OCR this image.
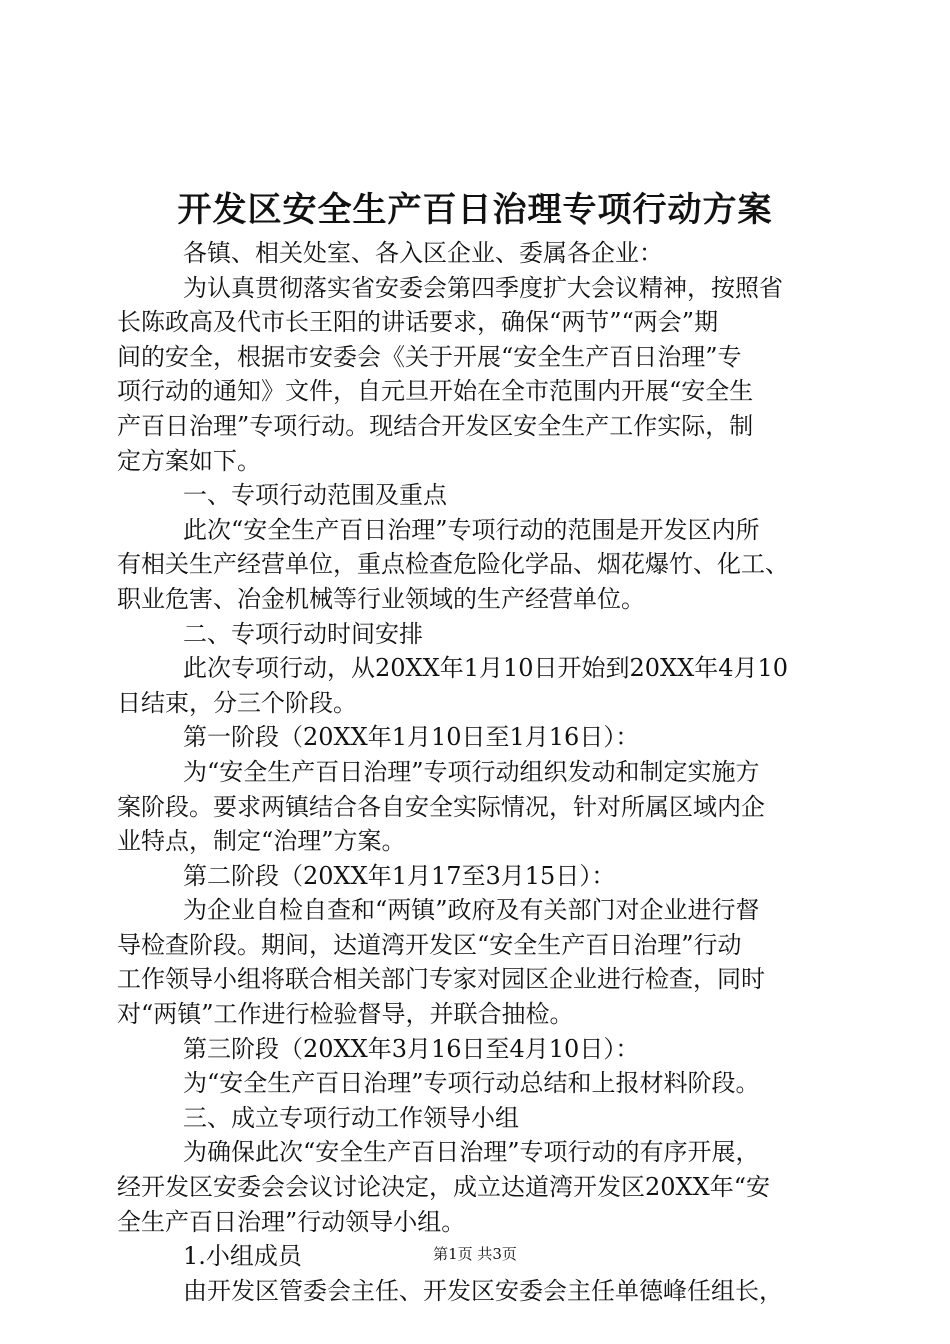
开发区安全生产百日治理专项行动方案
各镇、相关处室、各入区企业、委属各企业：
为认真贯彻落实省安委会第四季度扩大会议精神，按照省
长陈政高及代市长王阳的讲话要求，确保“两节”“两会”期
间的安全，根据市安委会《关于开展“安全生产百日治理”专
项行动的通知》文件，自元旦开始在全市范围内开展“安全生
产百日治理”专项行动。现结合开发区安全生产工作实际，制
定方案如下。
一、专项行动范围及重点
此次“安全生产百日治理”专项行动的范围是开发区内所
有相关生产经营单位，重点检查危险化学品、烟花爆竹、化工、
职业危害、冶金机械等行业领域的生产经营单位。
二、专项行动时间安排
此次专项行动，从20XX年1月10日开始到20XX年4月10
日结束，分三个阶段。
第一阶段（20XX年1月10日至1月16日）：
为“安全生产百日治理”专项行动组织发动和制定实施方
案阶段。要求两镇结合各自安全实际情况，针对所属区域内企
业特点，制定“治理”方案。
第二阶段（20XX年1月17至3月15日）：
为企业自检自查和“两镇”政府及有关部门对企业进行督
导检查阶段。期间，达道湾开发区“安全生产百日治理”行动
工作领导小组将联合相关部门专家对园区企业进行检查，同时
对“两镇”工作进行检验督导，并联合抽检。
第三阶段（20XX年3月16日至4月10日）：
为“安全生产百日治理”专项行动总结和上报材料阶段。
三、成立专项行动工作领导小组
为确保此次“安全生产百日治理”专项行动的有序开展，
经开发区安委会会议讨论决定，成立达道湾开发区20XX年“安
全生产百日治理”行动领导小组。
1.小组成员
由开发区管委会主任、开发区安委会主任单德峰任组长，
第1页 共3页
